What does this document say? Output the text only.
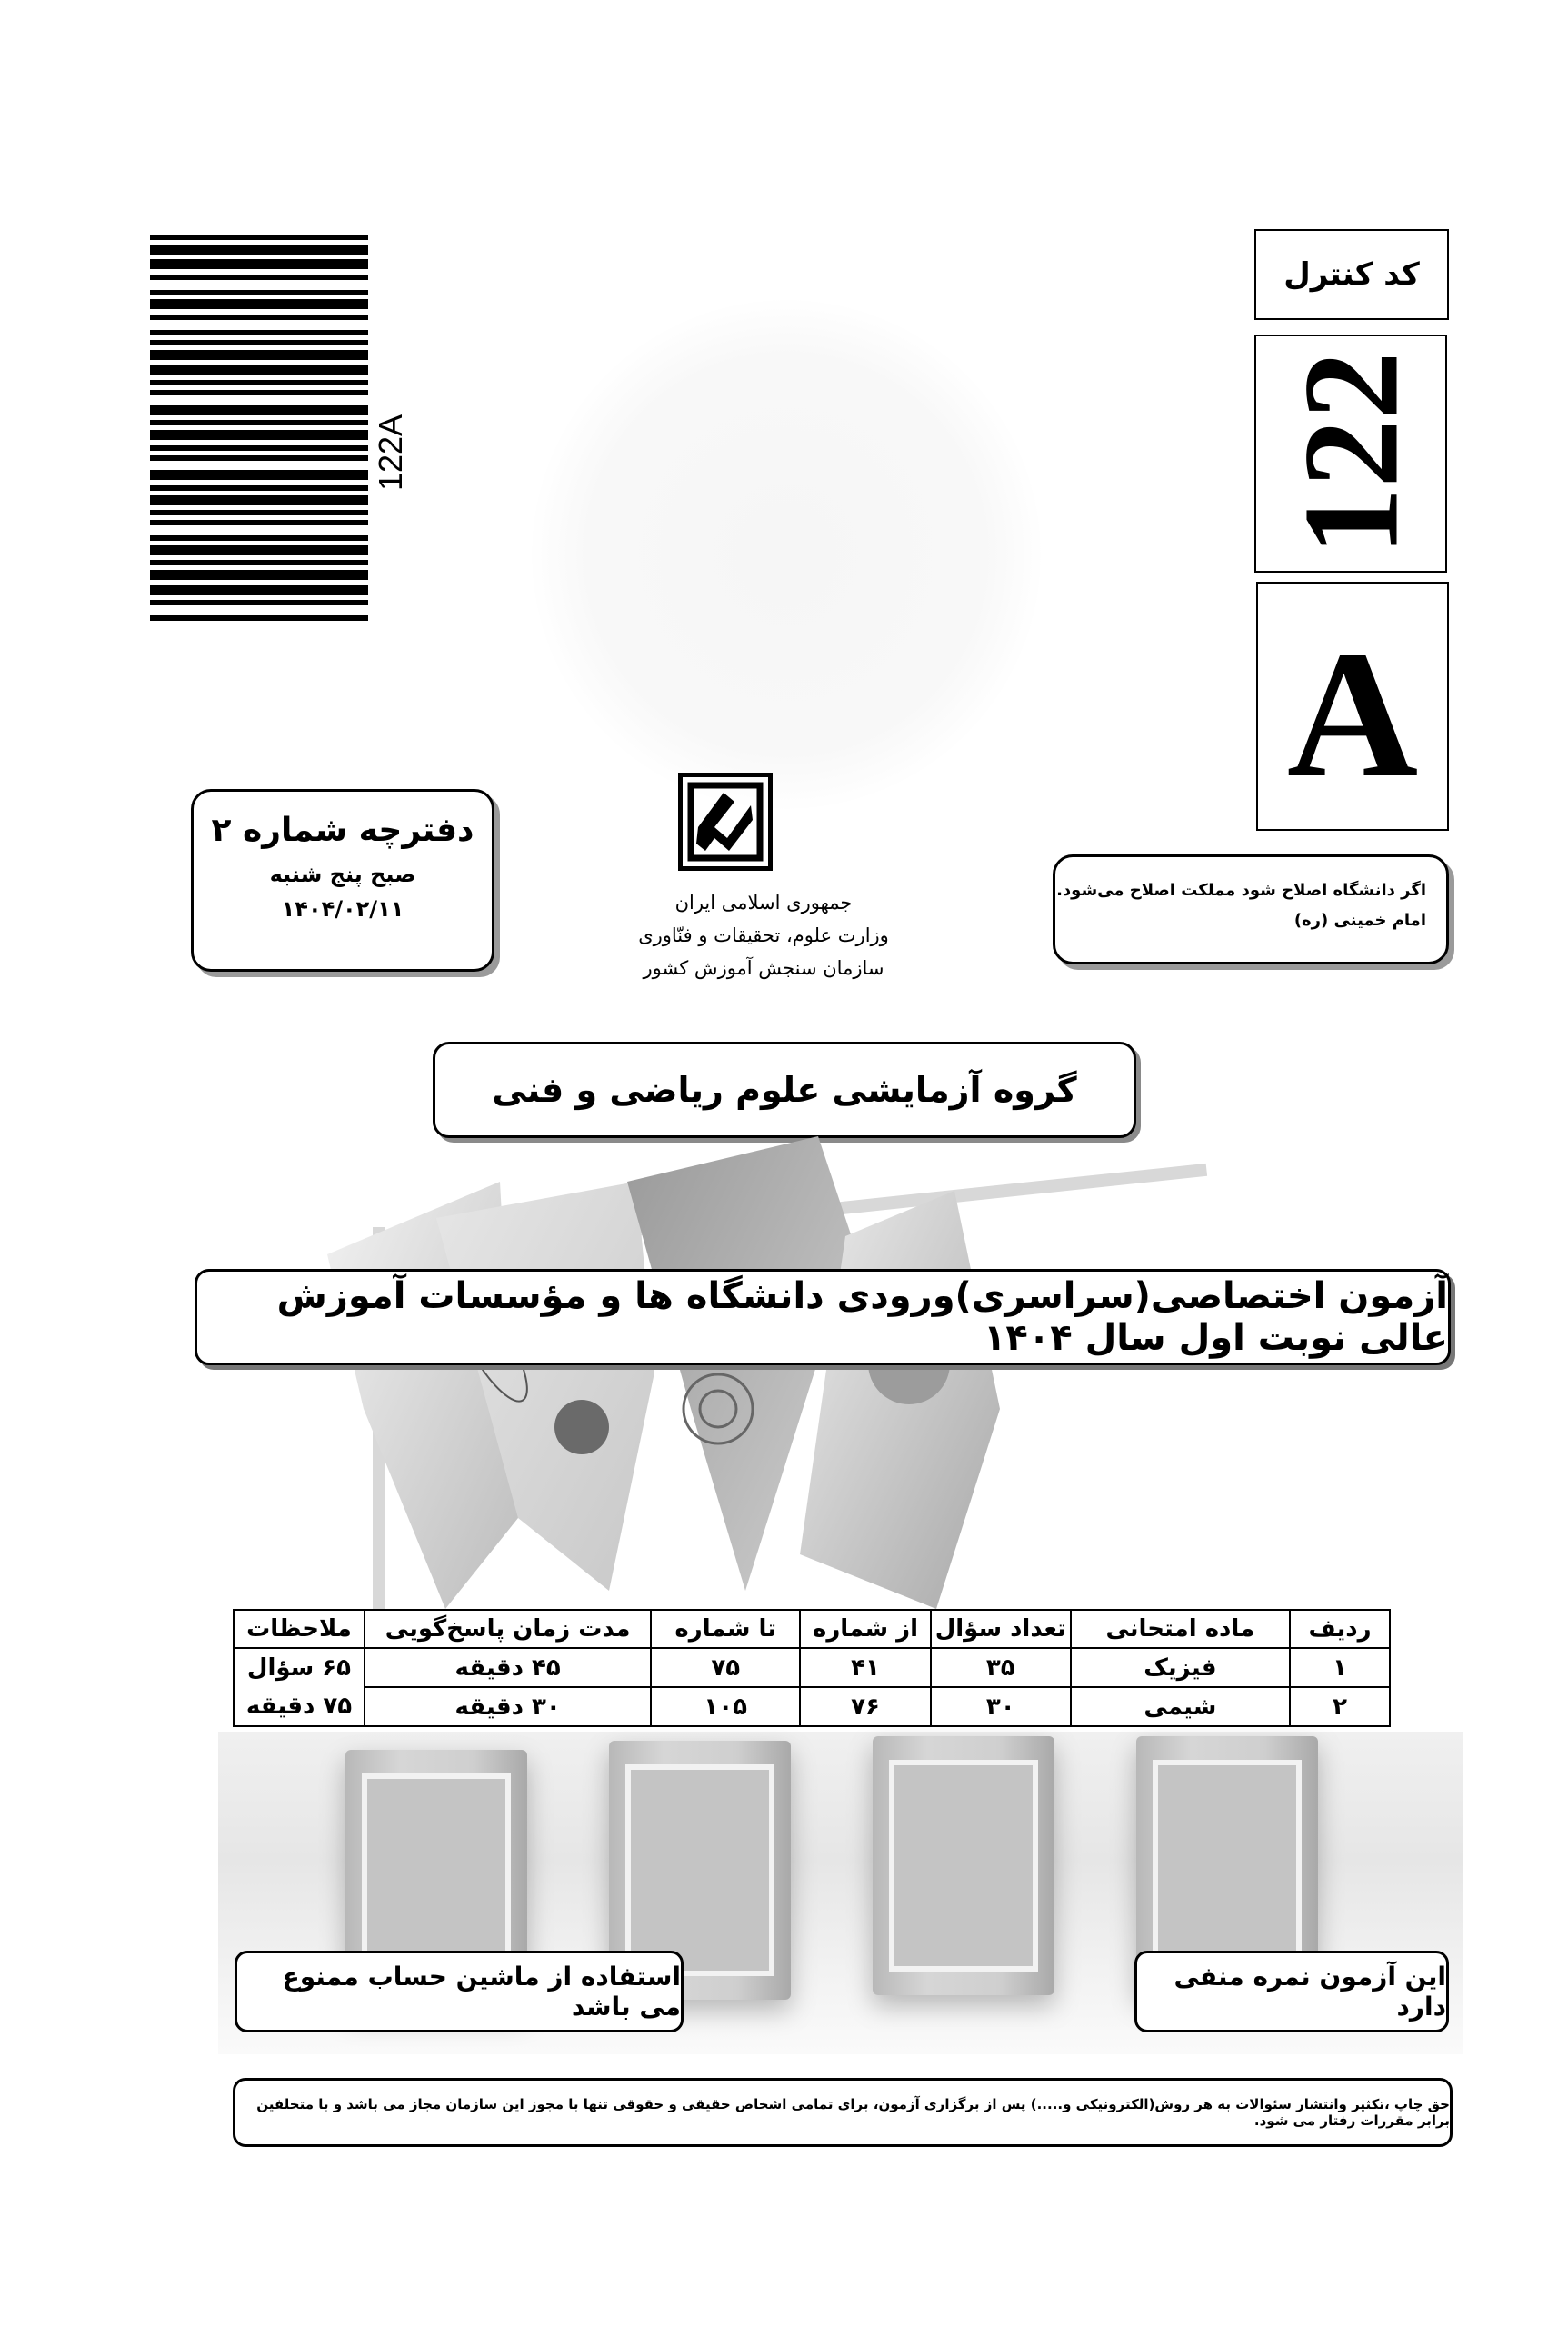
122A
کد کنترل
122
A
دفترچه شماره ۲
صبح پنج شنبه
۱۴۰۴/۰۲/۱۱	جمهوری اسلامی ایران
وزارت علوم، تحقیقات و فنّاوری
سازمان سنجش آموزش کشور
اگر دانشگاه اصلاح شود مملکت اصلاح می‌شود.
امام خمینی (ره)
گروه آزمایشی علوم ریاضی و فنی
آزمون اختصاصی(سراسری)ورودی دانشگاه ها و مؤسسات آموزش عالی نوبت اول سال ۱۴۰۴
ردیف	ماده امتحانی	تعداد سؤال	از شماره	تا شماره	مدت زمان پاسخ‌گویی	ملاحظات
۱	فیزیک	۳۵	۴۱	۷۵	۴۵ دقیقه	۶۵ سؤال
۷۵ دقیقه

۲	شیمی	۳۰	۷۶	۱۰۵	۳۰ دقیقه	
استفاده از ماشین حساب ممنوع می باشد
این آزمون نمره منفی دارد
حق چاپ ،تکثیر وانتشار سئوالات به هر روش(الکترونیکی و.....) پس از برگزاری آزمون، برای تمامی اشخاص حقیقی و حقوقی تنها با مجوز این سازمان مجاز می باشد و با متخلفین برابر مقررات رفتار می شود.
